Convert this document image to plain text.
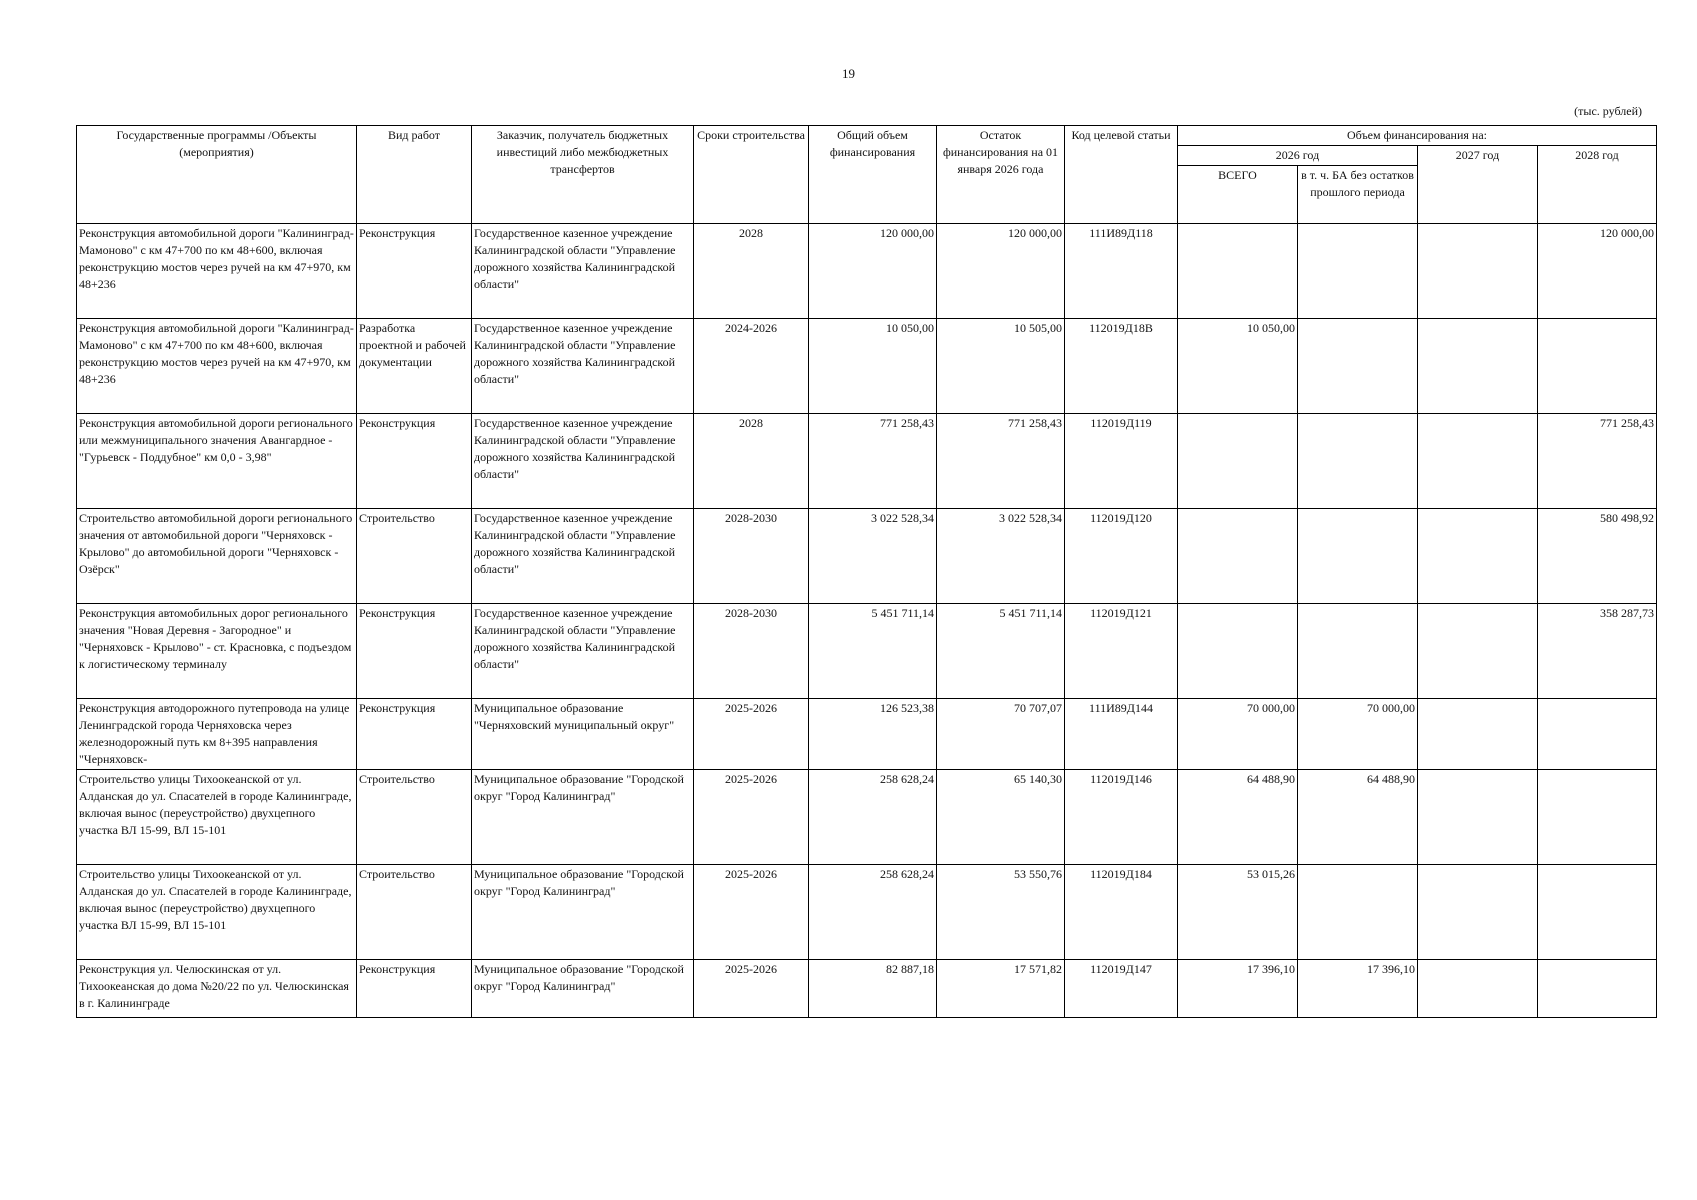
19
(тыс. рублей)
Государственные программы /Объекты (мероприятия)	Вид работ	Заказчик, получатель бюджетных инвестиций либо межбюджетных трансфертов	Сроки строительства	Общий объем финансирования	Остаток финансирования на 01 января 2026 года	Код целевой статьи	Объем финансирования на:			
							2026 год		2027 год	2028 год
							ВСЕГО	в т. ч. БА без остатков прошлого периода		
Реконструкция автомобильной дороги "Калининград-Мамоново" с км 47+700 по км 48+600, включая реконструкцию мостов через ручей на км 47+970, км 48+236	Реконструкция	Государственное казенное учреждение Калининградской области "Управление дорожного хозяйства Калининградской области"	2028	120 000,00	120 000,00	111И89Д118				120 000,00
Реконструкция автомобильной дороги "Калининград-Мамоново" с км 47+700 по км 48+600, включая реконструкцию мостов через ручей на км 47+970, км 48+236	Разработка проектной и рабочей документации	Государственное казенное учреждение Калининградской области "Управление дорожного хозяйства Калининградской области"	2024-2026	10 050,00	10 505,00	112019Д18В	10 050,00			
Реконструкция автомобильной дороги регионального или межмуниципального значения Авангардное - "Гурьевск - Поддубное" км 0,0 - 3,98"	Реконструкция	Государственное казенное учреждение Калининградской области "Управление дорожного хозяйства Калининградской области"	2028	771 258,43	771 258,43	112019Д119				771 258,43
Строительство автомобильной дороги регионального значения от автомобильной дороги "Черняховск - Крылово" до автомобильной дороги "Черняховск - Озёрск"	Строительство	Государственное казенное учреждение Калининградской области "Управление дорожного хозяйства Калининградской области"	2028-2030	3 022 528,34	3 022 528,34	112019Д120				580 498,92
Реконструкция автомобильных дорог регионального значения "Новая Деревня - Загородное" и "Черняховск - Крылово" - ст. Красновка, с подъездом к логистическому терминалу	Реконструкция	Государственное казенное учреждение Калининградской области "Управление дорожного хозяйства Калининградской области"	2028-2030	5 451 711,14	5 451 711,14	112019Д121				358 287,73
Реконструкция автодорожного путепровода на улице Ленинградской города Черняховска через железнодорожный путь км 8+395 направления "Черняховск-	Реконструкция	Муниципальное образование "Черняховский муниципальный округ"	2025-2026	126 523,38	70 707,07	111И89Д144	70 000,00	70 000,00		
Строительство улицы Тихоокеанской от ул. Алданская до ул. Спасателей в городе Калининграде, включая вынос (переустройство) двухцепного участка ВЛ 15-99, ВЛ 15-101	Строительство	Муниципальное образование "Городской округ "Город Калининград"	2025-2026	258 628,24	65 140,30	112019Д146	64 488,90	64 488,90		
Строительство улицы Тихоокеанской от ул. Алданская до ул. Спасателей в городе Калининграде, включая вынос (переустройство) двухцепного участка ВЛ 15-99, ВЛ 15-101	Строительство	Муниципальное образование "Городской округ "Город Калининград"	2025-2026	258 628,24	53 550,76	112019Д184	53 015,26			
Реконструкция ул. Челюскинская от ул. Тихоокеанская до дома №20/22 по ул. Челюскинская в г. Калининграде	Реконструкция	Муниципальное образование "Городской округ "Город Калининград"	2025-2026	82 887,18	17 571,82	112019Д147	17 396,10	17 396,10		
